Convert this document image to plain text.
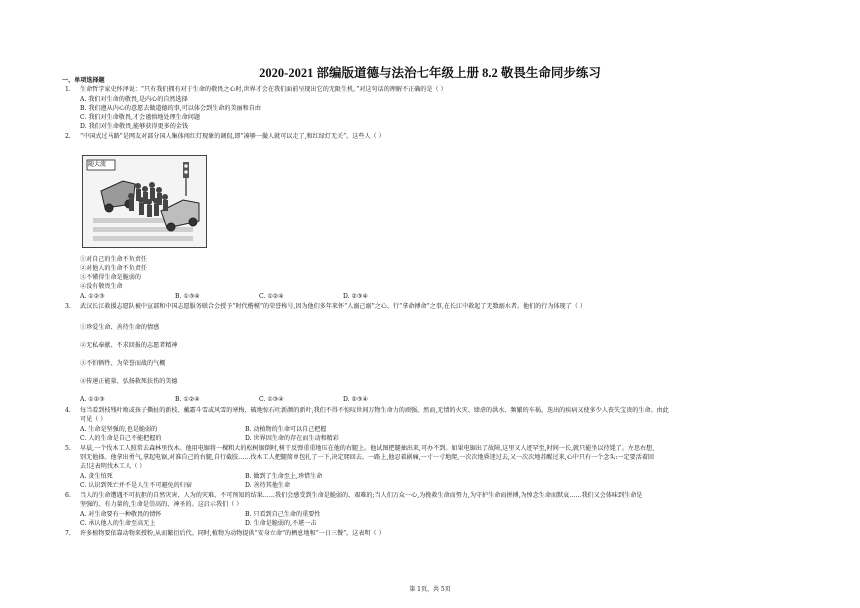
2020-2021 部编版道德与法治七年级上册 8.2 敬畏生命同步练习
一、单项选择题
1. 生命哲学家史怀泽说：“只有我们拥有对于生命的敬畏之心时,世界才会在我们面前呈现出它的无限生机。”对这句话的理解不正确的是（ ）
A. 我们对生命的敬畏,是内心的自然选择
B. 我们遵从内心的意愿去做道德的事,可以体会到生命的美丽和自由
C. 我们对生命敬畏,才会谨慎地处理生命问题
D. 我们对生命敬畏,能够获得更多的金钱
2. “中国式过马路”是网友对部分国人集体闯红灯现象的调侃,即“凑够一撮人就可以走了,和红绿灯无关”。这些人（ ）
随大流
①对自己的生命不负责任
②对他人的生命不负责任
③不懂得生命是脆弱的
④没有敬畏生命
A. ①②③	B. ①③④	C. ①②④	D. ②③④
3. 武汉长江救援志愿队被中宣部和中国志愿服务联合会授予“时代楷模”的荣誉称号,因为他们多年来怀“人溺己溺”之心、行“拿命搏命”之事,在长江中救起了无数溺水者。他们的行为体现了（ ）
①珍爱生命、善待生命的情感
②无私奉献、不求回报的志愿者精神
③不怕牺牲、为荣誉而战的气概
④传递正能量、弘扬救死扶伤的美德
A. ①②③	B. ①②④	C. ①③④	D. ②③④
4. 每当看到枝残叶败或孩子撕扯的新枝、戴霜斗雪或风雪的寒梅、破地惊石吐新颜的新叶,我们不得不惊叹世间万物生命力的顽强。然而,无情的火灾、肆虐的洪水、频繁的车祸、迭出的疾病又使多少人丧失宝贵的生命。由此
可见（ ）
A. 生命是坚强的,也是脆弱的	B. 动植物的生命可以自己把握
C. 人的生命是自己不能把握的	D. 世界因生命的存在而生动和精彩
5. 早晨,一个伐木工人照常去森林里伐木。他用电锯将一棵粗大的松树锯倒时,树干反弹重重地压在他的右腿上。他试图把腿抽出来,可办不到。如果电锯出了故障,这里又人迹罕至,时间一长,就只能坐以待毙了。左思右想,
别无他择。他拿出勇气,拿起电锯,对准自己的右腿,自行截肢……伐木工人把腿简单包扎了一下,决定爬回去。一路上,他忍着剧痛,一寸一寸地爬,一次次地昏迷过去,又一次次地苏醒过来,心中只有一个念头:一定要活着回
去!这表明伐木工人（ ）
A. 贪生怕死	B. 做到了生命至上,珍惜生命
C. 认识到死亡并不是人生不可避免的归宿	D. 善待其他生命
6. 当人的生命遭遇不可抗拒的自然灾害、人为的灾难、不可预知的结果……我们会感受到生命是脆弱的、艰难的;当人们万众一心,为挽救生命而努力,为守护生命而拼搏,为悼念生命而默哀……我们又会体味到生命是
坚强的、有力量的,生命是崇高的、神圣的。这启示我们（ ）
A. 对生命要有一种敬畏的情怀	B. 只看到自己生命的重要性
C. 承认他人的生命至高无上	D. 生命是脆弱的,不堪一击
7. 许多植物要依靠动物来授粉,从而繁衍后代。同时,植物为动物提供“安身立命”的栖息地和“一日三餐”。这表明（ ）
第 1页，共 5页
